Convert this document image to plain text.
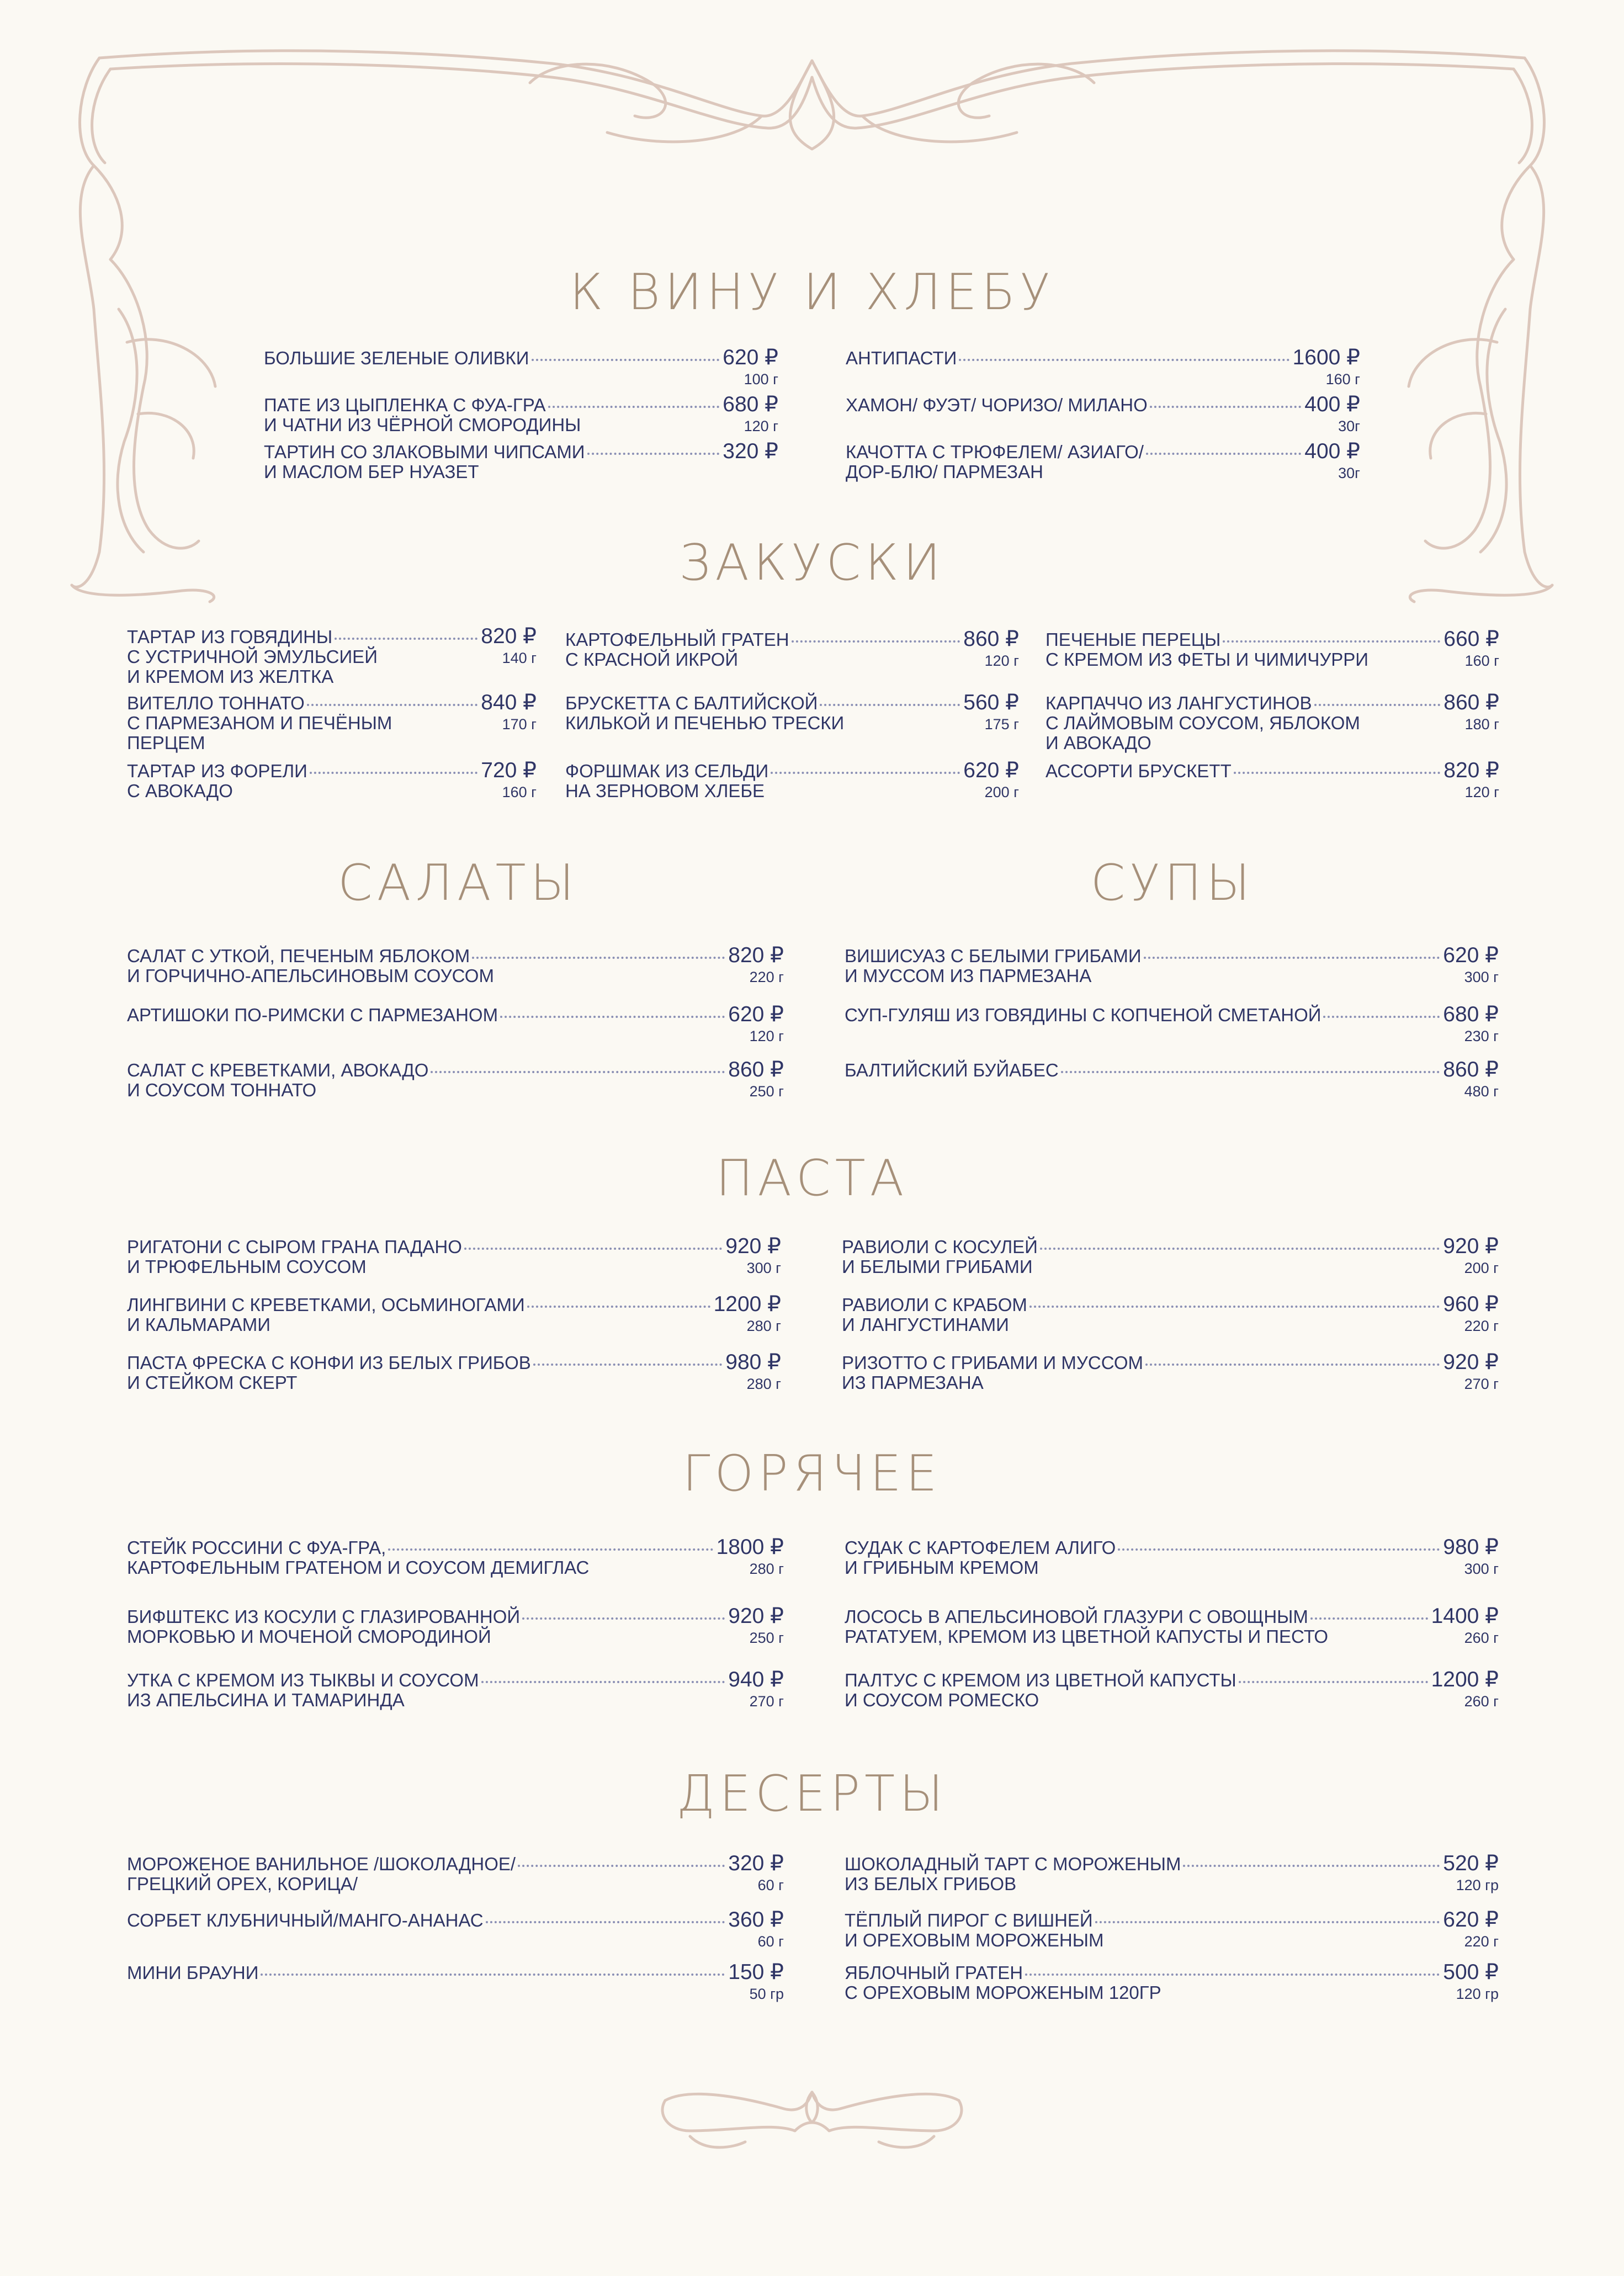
К ВИНУ И ХЛЕБУ
БОЛЬШИЕ ЗЕЛЕНЫЕ ОЛИВКИ	620 ₽
100 г
ПАТЕ ИЗ ЦЫПЛЕНКА С ФУА-ГРА	680 ₽
И ЧАТНИ ИЗ ЧЁРНОЙ СМОРОДИНЫ	120 г
ТАРТИН СО ЗЛАКОВЫМИ ЧИПСАМИ	320 ₽
И МАСЛОМ БЕР НУАЗЕТ
АНТИПАСТИ	1600 ₽
160 г
ХАМОН/ ФУЭТ/ ЧОРИЗО/ МИЛАНО	400 ₽
30г
КАЧОТТА С ТРЮФЕЛЕМ/ АЗИАГО/	400 ₽
ДОР-БЛЮ/ ПАРМЕЗАН	30г
ЗАКУСКИ
ТАРТАР ИЗ ГОВЯДИНЫ	820 ₽
С УСТРИЧНОЙ ЭМУЛЬСИЕЙ
И КРЕМОМ ИЗ ЖЕЛТКА
140 г
ВИТЕЛЛО ТОННАТО	840 ₽
С ПАРМЕЗАНОМ И ПЕЧЁНЫМ
ПЕРЦЕМ
170 г
ТАРТАР ИЗ ФОРЕЛИ	720 ₽
С АВОКАДО	160 г
КАРТОФЕЛЬНЫЙ ГРАТЕН	860 ₽
С КРАСНОЙ ИКРОЙ	120 г
БРУСКЕТТА С БАЛТИЙСКОЙ	560 ₽
КИЛЬКОЙ И ПЕЧЕНЬЮ ТРЕСКИ	175 г
ФОРШМАК ИЗ СЕЛЬДИ	620 ₽
НА ЗЕРНОВОМ ХЛЕБЕ	200 г
ПЕЧЕНЫЕ ПЕРЕЦЫ	660 ₽
С КРЕМОМ ИЗ ФЕТЫ И ЧИМИЧУРРИ	160 г
КАРПАЧЧО ИЗ ЛАНГУСТИНОВ	860 ₽
С ЛАЙМОВЫМ СОУСОМ, ЯБЛОКОМ
И АВОКАДО
180 г
АССОРТИ БРУСКЕТТ	820 ₽
120 г
САЛАТЫ	СУПЫ
САЛАТ С УТКОЙ, ПЕЧЕНЫМ ЯБЛОКОМ	820 ₽
И ГОРЧИЧНО-АПЕЛЬСИНОВЫМ СОУСОМ	220 г
АРТИШОКИ ПО-РИМСКИ С ПАРМЕЗАНОМ	620 ₽
120 г
САЛАТ С КРЕВЕТКАМИ, АВОКАДО	860 ₽
И СОУСОМ ТОННАТО	250 г
ВИШИСУАЗ С БЕЛЫМИ ГРИБАМИ	620 ₽
И МУССОМ ИЗ ПАРМЕЗАНА	300 г
СУП-ГУЛЯШ ИЗ ГОВЯДИНЫ С КОПЧЕНОЙ СМЕТАНОЙ	680 ₽
230 г
БАЛТИЙСКИЙ БУЙАБЕС	860 ₽
480 г
ПАСТА
РИГАТОНИ С СЫРОМ ГРАНА ПАДАНО	920 ₽
И ТРЮФЕЛЬНЫМ СОУСОМ	300 г
ЛИНГВИНИ С КРЕВЕТКАМИ, ОСЬМИНОГАМИ	1200 ₽
И КАЛЬМАРАМИ	280 г
ПАСТА ФРЕСКА С КОНФИ ИЗ БЕЛЫХ ГРИБОВ	980 ₽
И СТЕЙКОМ СКЕРТ	280 г
РАВИОЛИ С КОСУЛЕЙ	920 ₽
И БЕЛЫМИ ГРИБАМИ	200 г
РАВИОЛИ С КРАБОМ	960 ₽
И ЛАНГУСТИНАМИ	220 г
РИЗОТТО С ГРИБАМИ И МУССОМ	920 ₽
ИЗ ПАРМЕЗАНА	270 г
ГОРЯЧЕЕ
СТЕЙК РОССИНИ С ФУА-ГРА,	1800 ₽
КАРТОФЕЛЬНЫМ ГРАТЕНОМ И СОУСОМ ДЕМИГЛАС	280 г
БИФШТЕКС ИЗ КОСУЛИ С ГЛАЗИРОВАННОЙ	920 ₽
МОРКОВЬЮ И МОЧЕНОЙ СМОРОДИНОЙ	250 г
УТКА С КРЕМОМ ИЗ ТЫКВЫ И СОУСОМ	940 ₽
ИЗ АПЕЛЬСИНА И ТАМАРИНДА	270 г
СУДАК С КАРТОФЕЛЕМ АЛИГО	980 ₽
И ГРИБНЫМ КРЕМОМ	300 г
ЛОСОСЬ В АПЕЛЬСИНОВОЙ ГЛАЗУРИ С ОВОЩНЫМ	1400 ₽
РАТАТУЕМ, КРЕМОМ ИЗ ЦВЕТНОЙ КАПУСТЫ И ПЕСТО	260 г
ПАЛТУС С КРЕМОМ ИЗ ЦВЕТНОЙ КАПУСТЫ	1200 ₽
И СОУСОМ РОМЕСКО	260 г
ДЕСЕРТЫ
МОРОЖЕНОЕ ВАНИЛЬНОЕ /ШОКОЛАДНОЕ/	320 ₽
ГРЕЦКИЙ ОРЕХ, КОРИЦА/	60 г
СОРБЕТ КЛУБНИЧНЫЙ/МАНГО-АНАНАС	360 ₽
60 г
МИНИ БРАУНИ	150 ₽
50 гр
ШОКОЛАДНЫЙ ТАРТ С МОРОЖЕНЫМ	520 ₽
ИЗ БЕЛЫХ ГРИБОВ	120 гр
ТЁПЛЫЙ ПИРОГ С ВИШНЕЙ	620 ₽
И ОРЕХОВЫМ МОРОЖЕНЫМ	220 г
ЯБЛОЧНЫЙ ГРАТЕН	500 ₽
С ОРЕХОВЫМ МОРОЖЕНЫМ 120ГР	120 гр
